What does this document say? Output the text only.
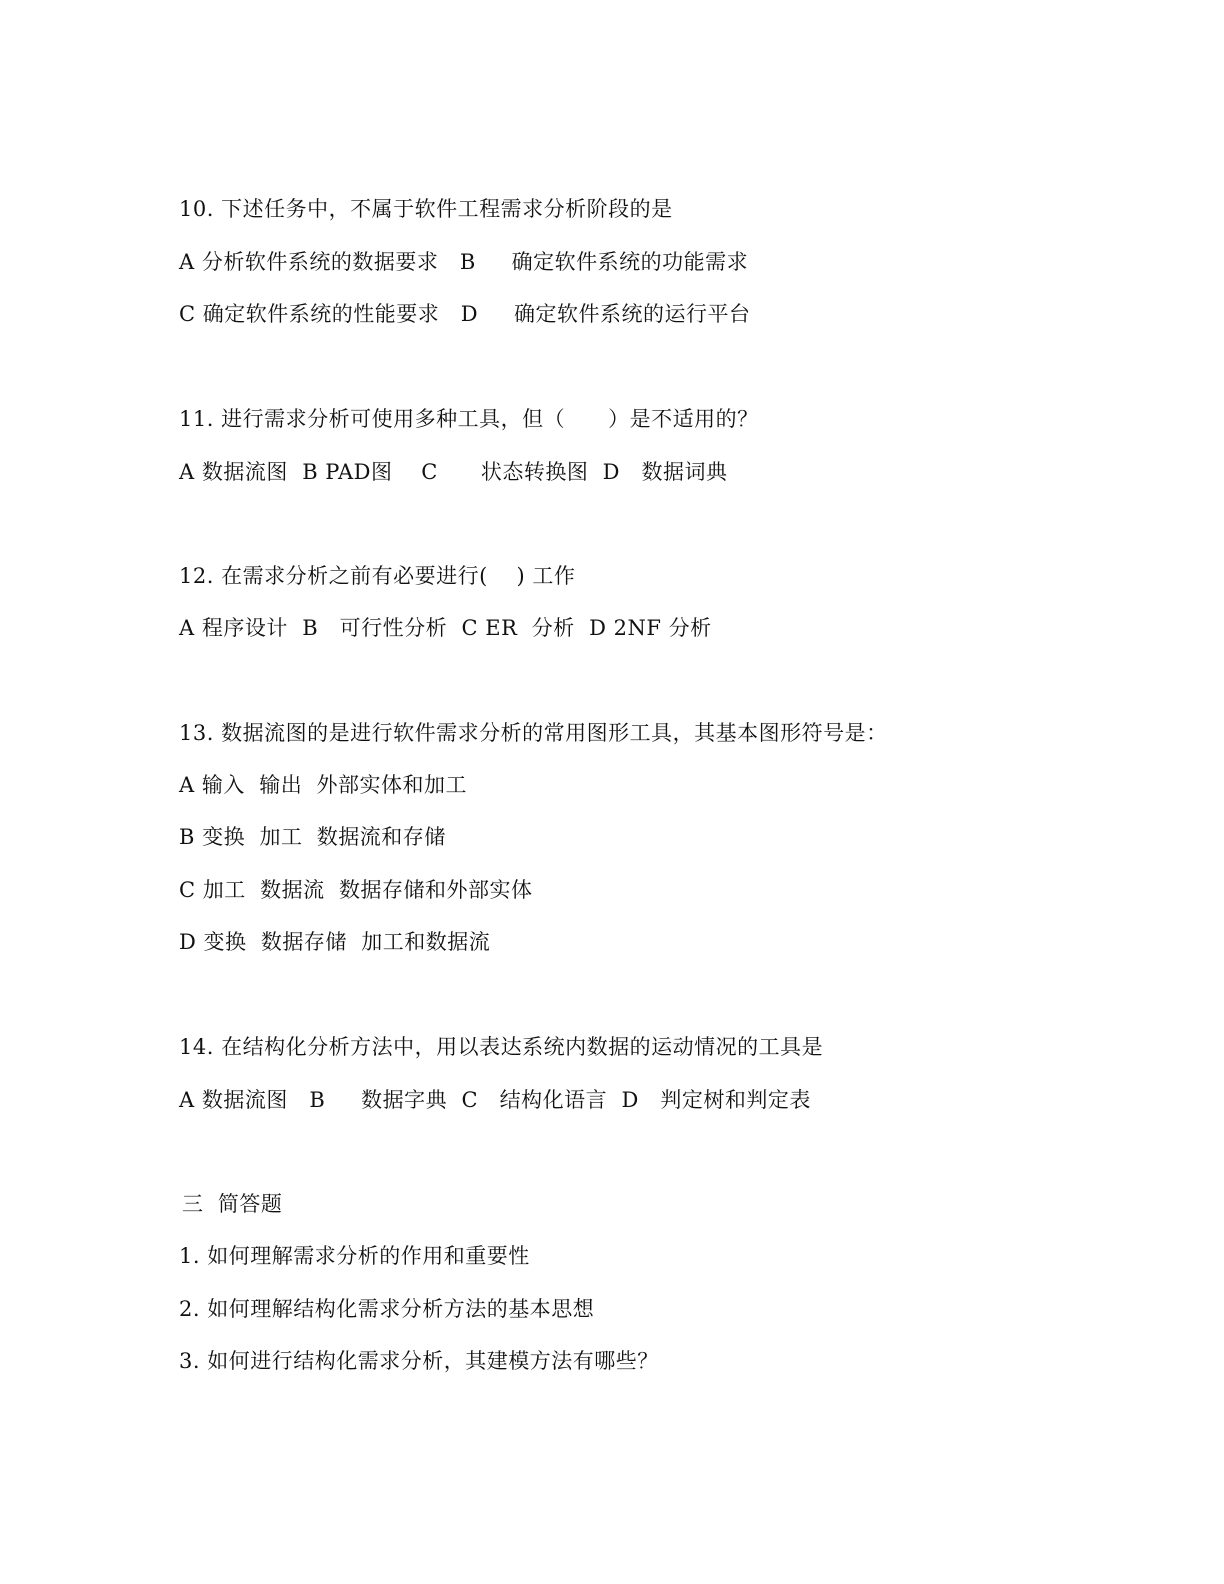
10. 下述任务中，不属于软件工程需求分析阶段的是
A 分析软件系统的数据要求   B     确定软件系统的功能需求
C 确定软件系统的性能要求   D     确定软件系统的运行平台
11. 进行需求分析可使用多种工具，但（      ）是不适用的？
A 数据流图  B PAD图    C      状态转换图  D   数据词典
12. 在需求分析之前有必要进行(    ) 工作
A 程序设计  B   可行性分析  C ER  分析  D 2NF 分析
13. 数据流图的是进行软件需求分析的常用图形工具，其基本图形符号是：
A 输入  输出  外部实体和加工
B 变换  加工  数据流和存储
C 加工  数据流  数据存储和外部实体
D 变换  数据存储  加工和数据流
14. 在结构化分析方法中，用以表达系统内数据的运动情况的工具是
A 数据流图   B     数据字典  C   结构化语言  D   判定树和判定表
三  简答题
1. 如何理解需求分析的作用和重要性
2. 如何理解结构化需求分析方法的基本思想
3. 如何进行结构化需求分析，其建模方法有哪些？
